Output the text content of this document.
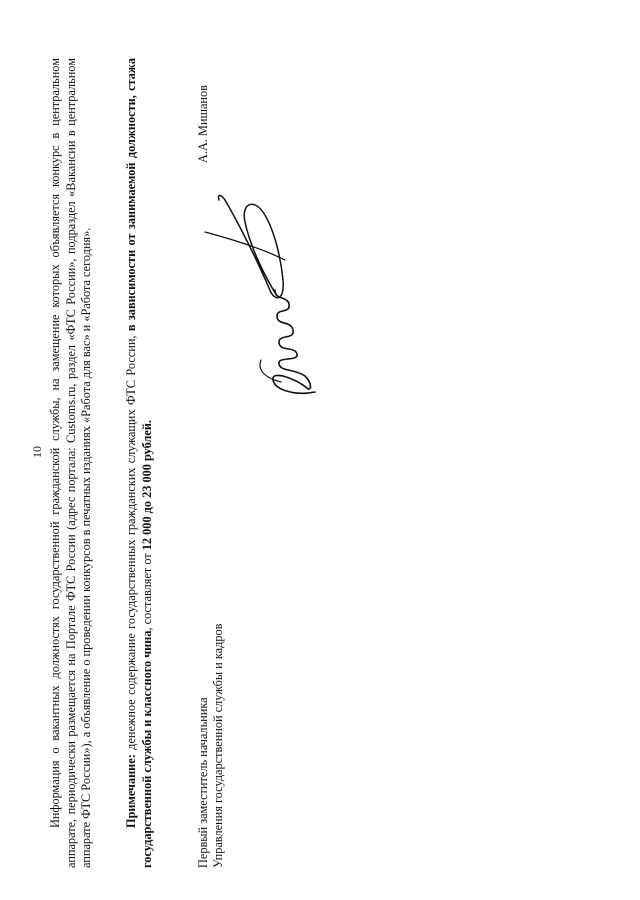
10 Информация о вакантных должностях государственной гражданской службы, на замещение которых объявляется конкурс в центральном аппарате, периодически размещается на Портале ФТС России (адрес портала: Customs.ru, раздел «ФТС России», подраздел «Вакансии в центральном аппарате ФТС России»), а объявление о проведении конкурсов в печатных изданиях «Работа для вас» и «Работа сегодня».	Примечание: денежное содержание государственных гражданских служащих ФТС России, в зависимости от занимаемой должности, стажа государственной службы и классного чина, составляет от 12 000 до 23 000 рублей.
Первый заместитель начальника Управления государственной службы и кадров
А.А. Мишанов
